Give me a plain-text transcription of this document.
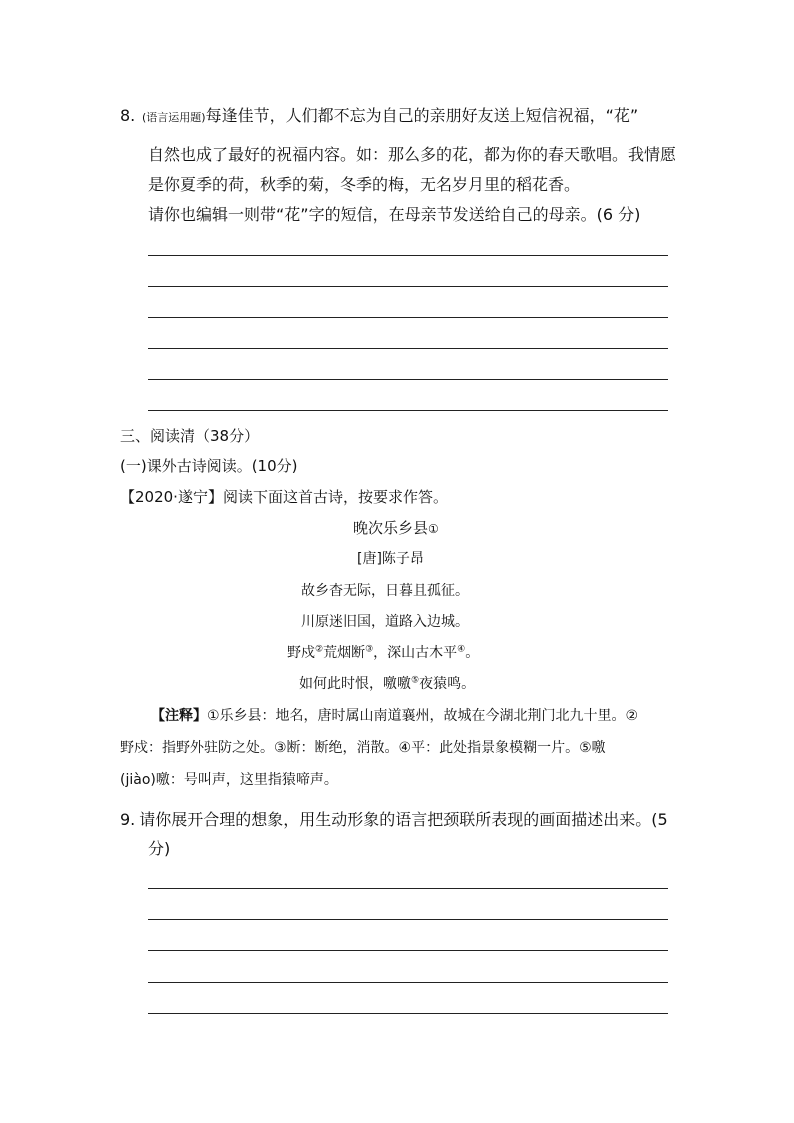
8. (语言运用题)每逢佳节，人们都不忘为自己的亲朋好友送上短信祝福，“花”
自然也成了最好的祝福内容。如：那么多的花，都为你的春天歌唱。我情愿
是你夏季的荷，秋季的菊，冬季的梅，无名岁月里的稻花香。
请你也编辑一则带“花”字的短信，在母亲节发送给自己的母亲。(6 分)
三、阅读清（38分）
(一)课外古诗阅读。(10分)
【2020·遂宁】阅读下面这首古诗，按要求作答。
晚次乐乡县①
[唐]陈子昂
故乡杳无际，日暮且孤征。
川原迷旧国，道路入边城。
野戍②荒烟断③，深山古木平④。
如何此时恨，噭噭⑤夜猿鸣。
【注释】①乐乡县：地名，唐时属山南道襄州，故城在今湖北荆门北九十里。②
野戍：指野外驻防之处。③断：断绝，消散。④平：此处指景象模糊一片。⑤噭
(jiào)噭：号叫声，这里指猿啼声。
9. 请你展开合理的想象，用生动形象的语言把颈联所表现的画面描述出来。(5
分)
